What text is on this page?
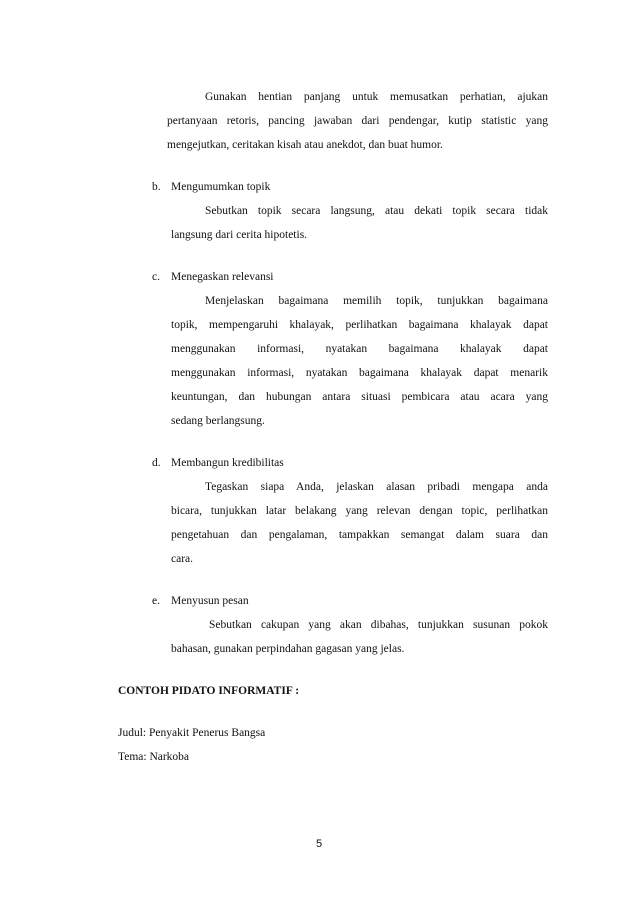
Gunakan hentian panjang untuk memusatkan perhatian, ajukan
pertanyaan retoris, pancing jawaban dari pendengar, kutip statistic yang
mengejutkan, ceritakan kisah atau anekdot, dan buat humor.
b. Mengumumkan topik
Sebutkan topik secara langsung, atau dekati topik secara tidak
langsung dari cerita hipotetis.
c. Menegaskan relevansi
Menjelaskan bagaimana memilih topik, tunjukkan bagaimana
topik, mempengaruhi khalayak, perlihatkan bagaimana khalayak dapat
menggunakan informasi, nyatakan bagaimana khalayak dapat
menggunakan informasi, nyatakan bagaimana khalayak dapat menarik
keuntungan, dan hubungan antara situasi pembicara atau acara yang
sedang berlangsung.
d. Membangun kredibilitas
Tegaskan siapa Anda, jelaskan alasan pribadi mengapa anda
bicara, tunjukkan latar belakang yang relevan dengan topic, perlihatkan
pengetahuan dan pengalaman, tampakkan semangat dalam suara dan
cara.
e. Menyusun pesan
Sebutkan cakupan yang akan dibahas, tunjukkan susunan pokok
bahasan, gunakan perpindahan gagasan yang jelas.
CONTOH PIDATO INFORMATIF :
Judul: Penyakit Penerus Bangsa
Tema: Narkoba
5
